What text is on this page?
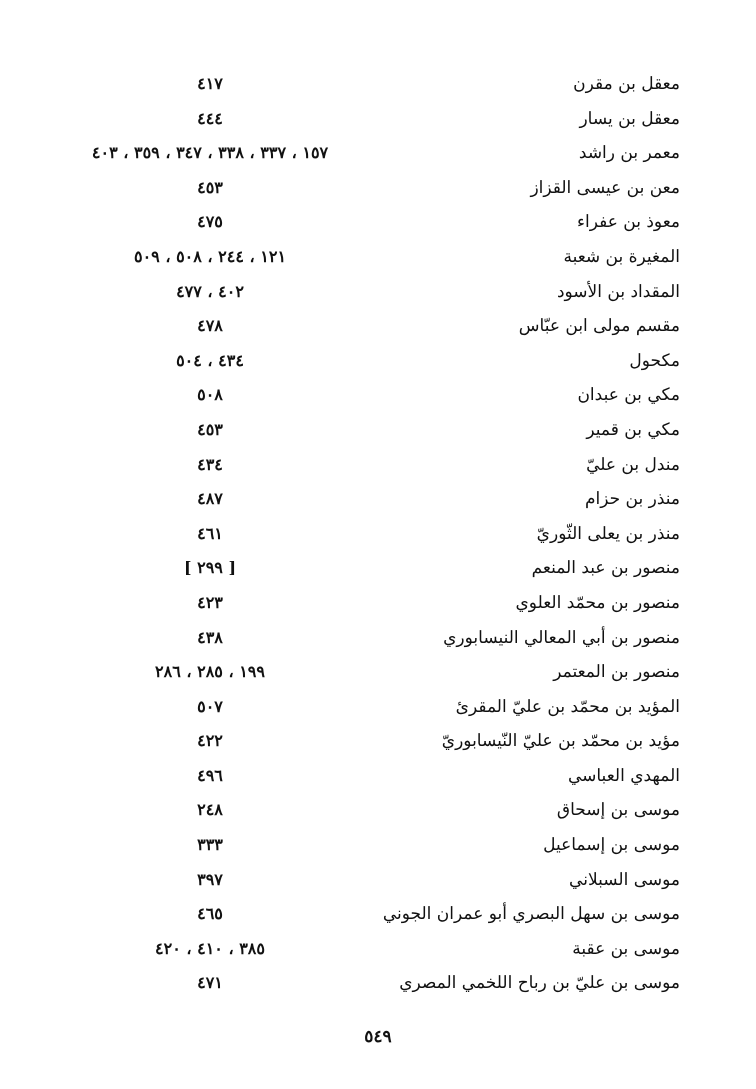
معقل بن مقرن
٤١٧
معقل بن يسار
٤٤٤
معمر بن راشد
١٥٧ ، ٣٣٧ ، ٣٣٨ ، ٣٤٧ ، ٣٥٩ ، ٤٠٣
معن بن عيسى القزاز
٤٥٣
معوذ بن عفراء
٤٧٥
المغيرة بن شعبة
١٢١ ، ٢٤٤ ، ٥٠٨ ، ٥٠٩
المقداد بن الأسود
٤٠٢ ، ٤٧٧
مقسم مولى ابن عبّاس
٤٧٨
مكحول
٤٣٤ ، ٥٠٤
مكي بن عبدان
٥٠٨
مكي بن قمير
٤٥٣
مندل بن عليّ
٤٣٤
منذر بن حزام
٤٨٧
منذر بن يعلى الثّوريّ
٤٦١
منصور بن عبد المنعم
[ ٢٩٩ ]
منصور بن محمّد العلوي
٤٢٣
منصور بن أبي المعالي النيسابوري
٤٣٨
منصور بن المعتمر
١٩٩ ، ٢٨٥ ، ٢٨٦
المؤيد بن محمّد بن عليّ المقرئ
٥٠٧
مؤيد بن محمّد بن عليّ النّيسابوريّ
٤٢٢
المهدي العباسي
٤٩٦
موسى بن إسحاق
٢٤٨
موسى بن إسماعيل
٣٣٣
موسى السبلاني
٣٩٧
موسى بن سهل البصري أبو عمران الجوني
٤٦٥
موسى بن عقبة
٣٨٥ ، ٤١٠ ، ٤٢٠
موسى بن عليّ بن رباح اللخمي المصري
٤٧١
٥٤٩
